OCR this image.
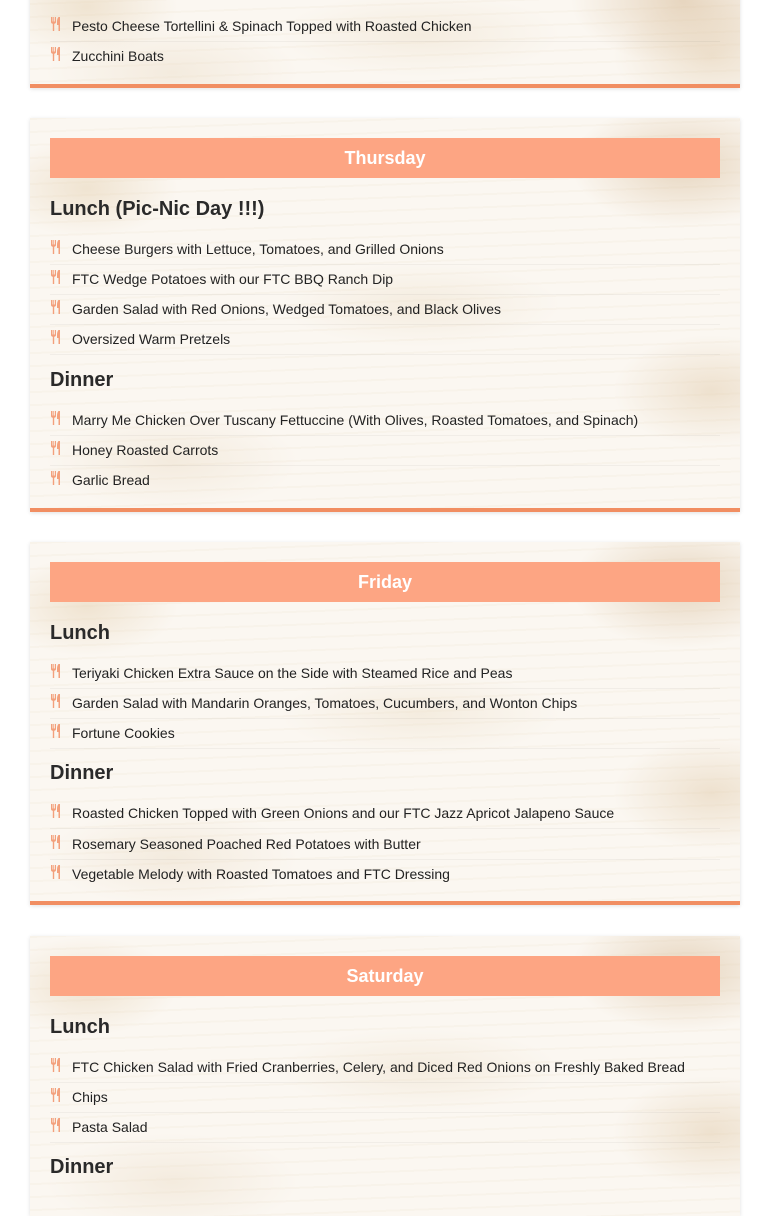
Pesto Cheese Tortellini & Spinach Topped with Roasted Chicken
Zucchini Boats
Thursday
Lunch (Pic-Nic Day !!!)
Cheese Burgers with Lettuce, Tomatoes, and Grilled Onions
FTC Wedge Potatoes with our FTC BBQ Ranch Dip
Garden Salad with Red Onions, Wedged Tomatoes, and Black Olives
Oversized Warm Pretzels
Dinner
Marry Me Chicken Over Tuscany Fettuccine (With Olives, Roasted Tomatoes, and Spinach)
Honey Roasted Carrots
Garlic Bread
Friday
Lunch
Teriyaki Chicken Extra Sauce on the Side with Steamed Rice and Peas
Garden Salad with Mandarin Oranges, Tomatoes, Cucumbers, and Wonton Chips
Fortune Cookies
Dinner
Roasted Chicken Topped with Green Onions and our FTC Jazz Apricot Jalapeno Sauce
Rosemary Seasoned Poached Red Potatoes with Butter
Vegetable Melody with Roasted Tomatoes and FTC Dressing
Saturday
Lunch
FTC Chicken Salad with Fried Cranberries, Celery, and Diced Red Onions on Freshly Baked Bread
Chips
Pasta Salad
Dinner
